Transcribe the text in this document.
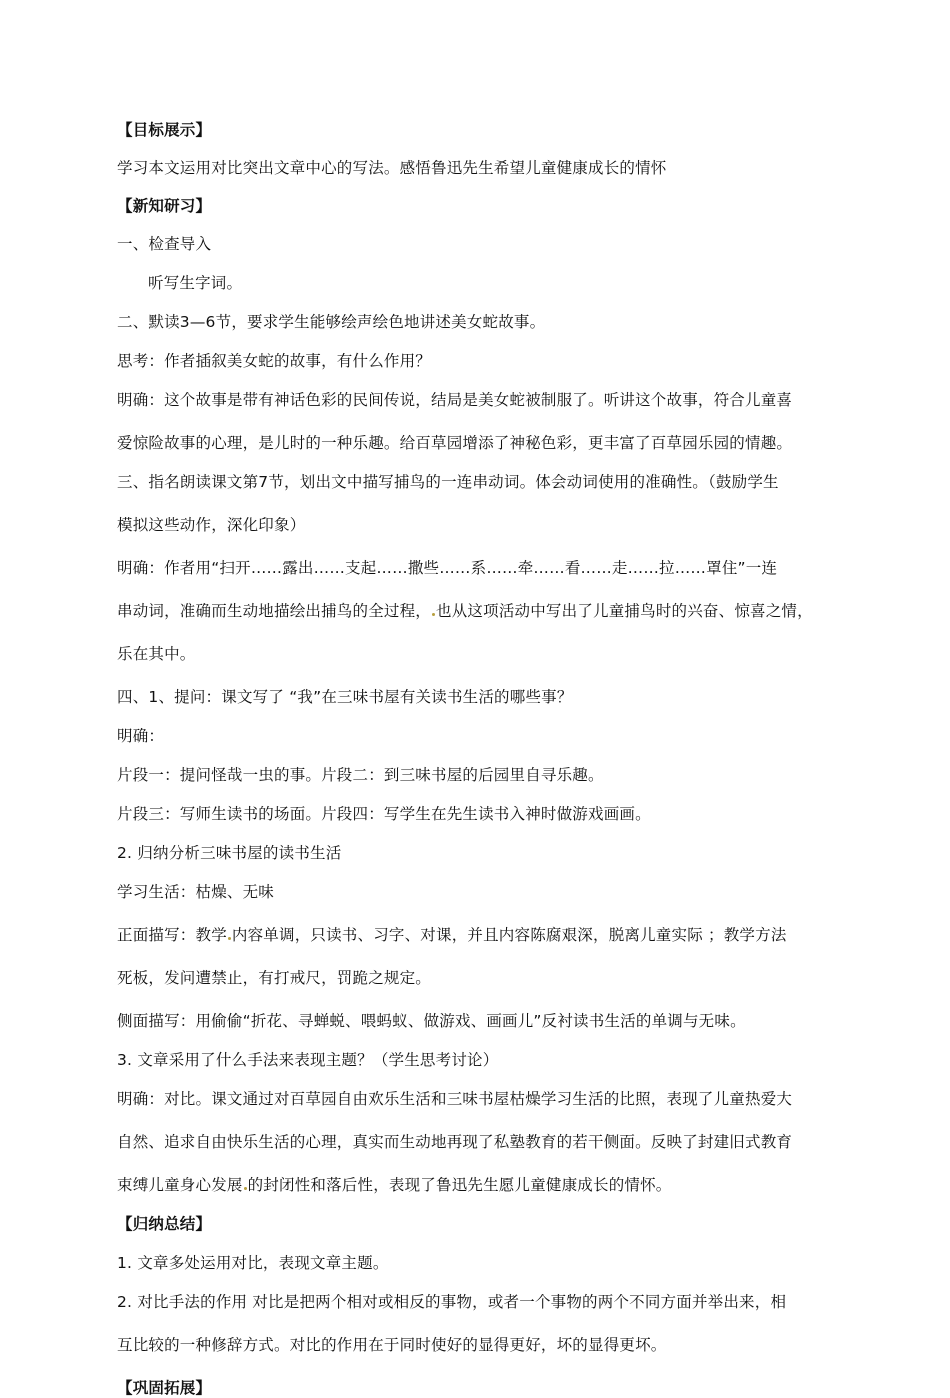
【目标展示】

学习本文运用对比突出文章中心的写法。感悟鲁迅先生希望儿童健康成长的情怀

【新知研习】

一、检查导入

听写生字词。

二、默读3—6节，要求学生能够绘声绘色地讲述美女蛇故事。

思考：作者插叙美女蛇的故事，有什么作用？

明确：这个故事是带有神话色彩的民间传说，结局是美女蛇被制服了。听讲这个故事，符合儿童喜

爱惊险故事的心理，是儿时的一种乐趣。给百草园增添了神秘色彩，更丰富了百草园乐园的情趣。

三、指名朗读课文第7节，划出文中描写捕鸟的一连串动词。体会动词使用的准确性。（鼓励学生

模拟这些动作，深化印象）

明确：作者用“扫开……露出……支起……撒些……系……牵……看……走……拉……罩住”一连

串动词，准确而生动地描绘出捕鸟的全过程， 也从这项活动中写出了儿童捕鸟时的兴奋、惊喜之情，

乐在其中。

四、1、提问：课文写了 “我”在三味书屋有关读书生活的哪些事？

明确：

片段一：提问怪哉一虫的事。片段二：到三味书屋的后园里自寻乐趣。

片段三：写师生读书的场面。片段四：写学生在先生读书入神时做游戏画画。

2. 归纳分析三味书屋的读书生活

学习生活：枯燥、无味

正面描写：教学 内容单调，只读书、习字、对课，并且内容陈腐艰深，脱离儿童实际 ；教学方法

死板，发问遭禁止，有打戒尺，罚跪之规定。

侧面描写：用偷偷“折花、寻蝉蜕、喂蚂蚁、做游戏、画画儿”反衬读书生活的单调与无味。

3. 文章采用了什么手法来表现主题？（学生思考讨论）

明确：对比。课文通过对百草园自由欢乐生活和三味书屋枯燥学习生活的比照，表现了儿童热爱大

自然、追求自由快乐生活的心理，真实而生动地再现了私塾教育的若干侧面。反映了封建旧式教育

束缚儿童身心发展 的封闭性和落后性，表现了鲁迅先生愿儿童健康成长的情怀。

【归纳总结】

1. 文章多处运用对比，表现文章主题。

2. 对比手法的作用 对比是把两个相对或相反的事物，或者一个事物的两个不同方面并举出来，相

互比较的一种修辞方式。对比的作用在于同时使好的显得更好，坏的显得更坏。

【巩固拓展】
